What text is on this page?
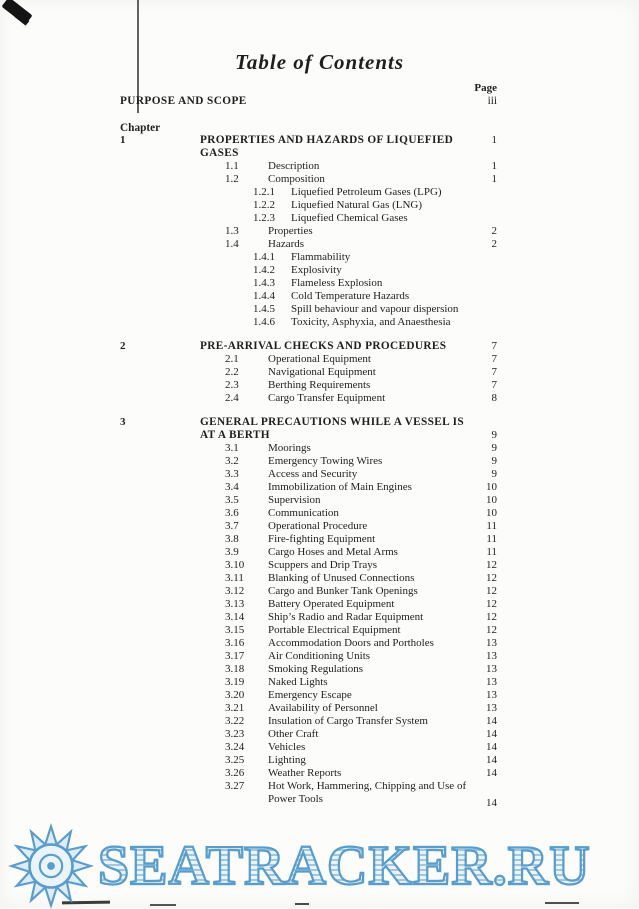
Table of Contents
Page
PURPOSE AND SCOPE	iii
Chapter
1	PROPERTIES AND HAZARDS OF LIQUEFIED	1
GASES
1.1	Description	1
1.2	Composition	1
1.2.1	Liquefied Petroleum Gases (LPG)
1.2.2	Liquefied Natural Gas (LNG)
1.2.3	Liquefied Chemical Gases
1.3	Properties	2
1.4	Hazards	2
1.4.1	Flammability
1.4.2	Explosivity
1.4.3	Flameless Explosion
1.4.4	Cold Temperature Hazards
1.4.5	Spill behaviour and vapour dispersion
1.4.6	Toxicity, Asphyxia, and Anaesthesia
2	PRE-ARRIVAL CHECKS AND PROCEDURES	7
2.1	Operational Equipment	7
2.2	Navigational Equipment	7
2.3	Berthing Requirements	7
2.4	Cargo Transfer Equipment	8
3	GENERAL PRECAUTIONS WHILE A VESSEL IS
AT A BERTH	9
3.1	Moorings	9
3.2	Emergency Towing Wires	9
3.3	Access and Security	9
3.4	Immobilization of Main Engines	10
3.5	Supervision	10
3.6	Communication	10
3.7	Operational Procedure	11
3.8	Fire-fighting Equipment	11
3.9	Cargo Hoses and Metal Arms	11
3.10	Scuppers and Drip Trays	12
3.11	Blanking of Unused Connections	12
3.12	Cargo and Bunker Tank Openings	12
3.13	Battery Operated Equipment	12
3.14	Ship’s Radio and Radar Equipment	12
3.15	Portable Electrical Equipment	12
3.16	Accommodation Doors and Portholes	13
3.17	Air Conditioning Units	13
3.18	Smoking Regulations	13
3.19	Naked Lights	13
3.20	Emergency Escape	13
3.21	Availability of Personnel	13
3.22	Insulation of Cargo Transfer System	14
3.23	Other Craft	14
3.24	Vehicles	14
3.25	Lighting	14
3.26	Weather Reports	14
3.27	Hot Work, Hammering, Chipping and Use of
Power Tools	14
SEATRACKER.RU
